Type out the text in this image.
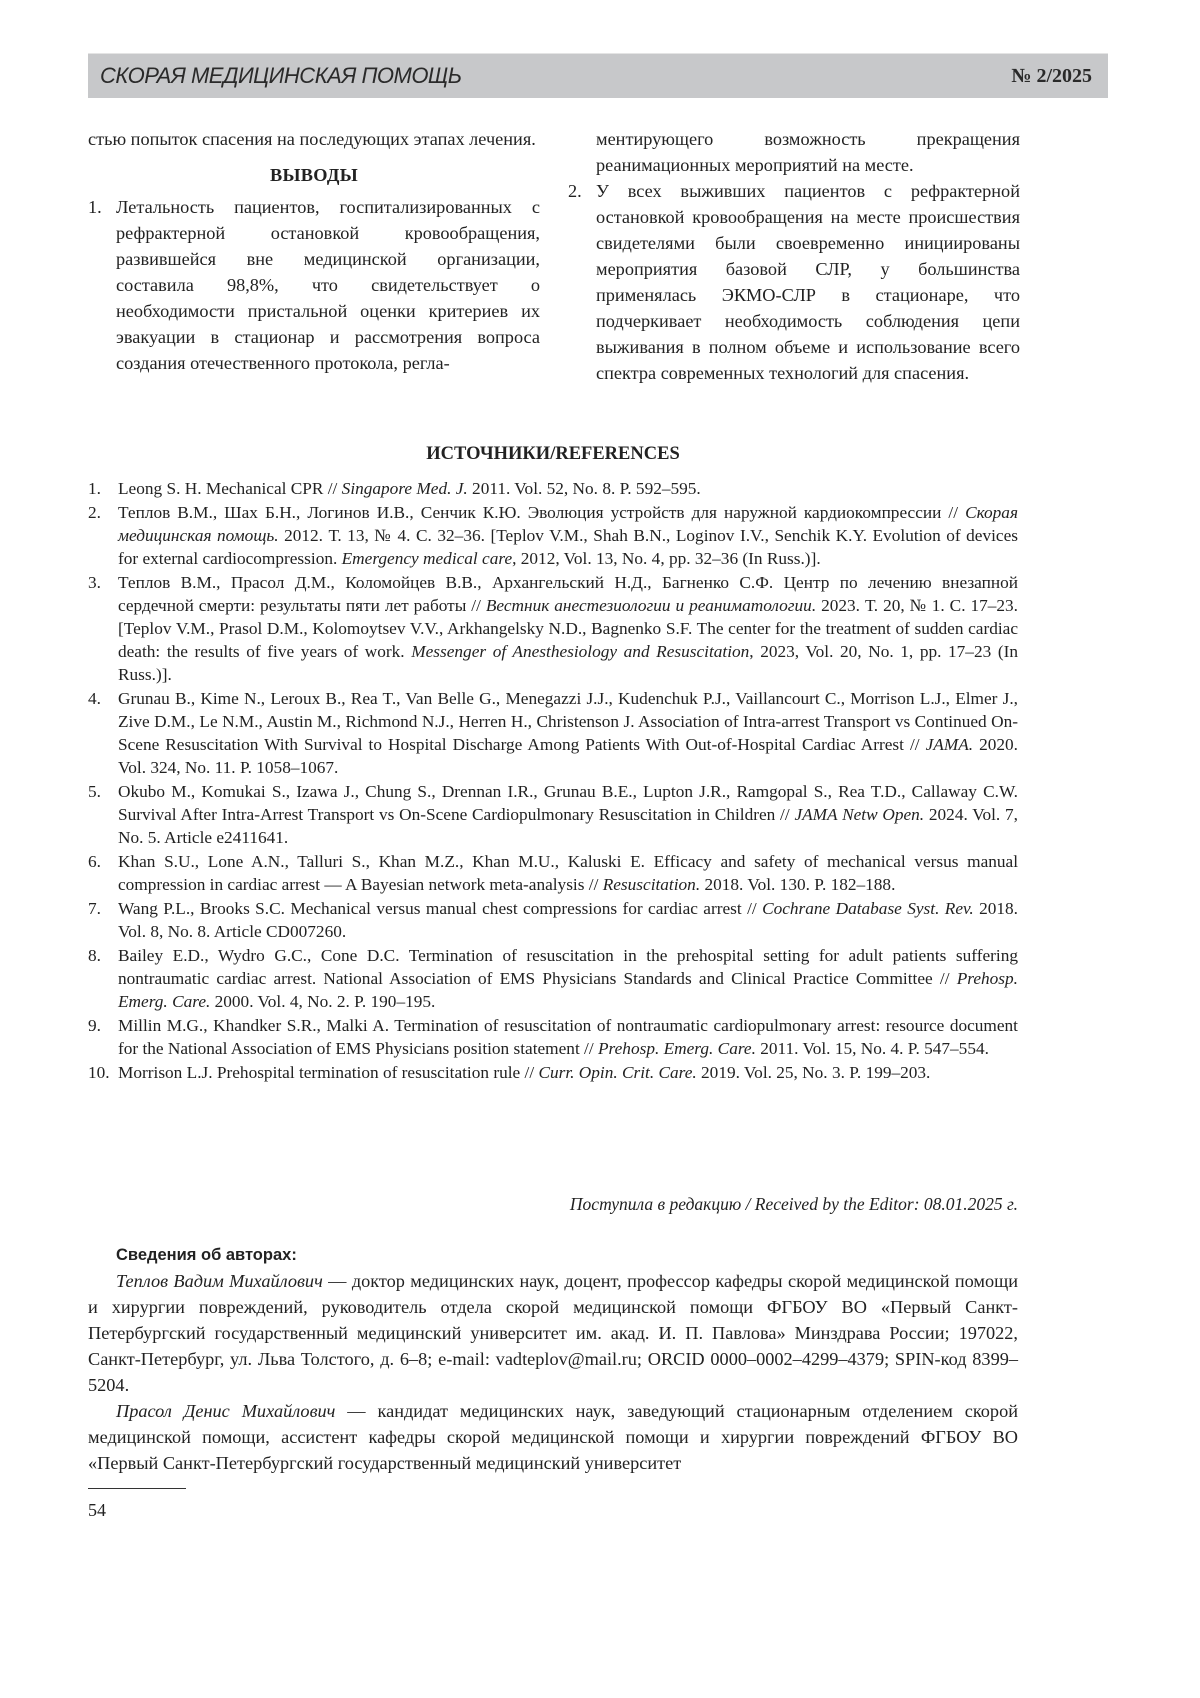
СКОРАЯ МЕДИЦИНСКАЯ ПОМОЩЬ	№ 2/2025

стью попыток спасения на последующих этапах лечения.

ВЫВОДЫ
1. Летальность пациентов, госпитализированных с рефрактерной остановкой кровообращения, развившейся вне медицинской организации, составила 98,8%, что свидетельствует о необходимости пристальной оценки критериев их эвакуации в стационар и рассмотрения вопроса создания отечественного протокола, регла-
ментирующего возможность прекращения реанимационных мероприятий на месте.
2. У всех выживших пациентов с рефрактерной остановкой кровообращения на месте происшествия свидетелями были своевременно инициированы мероприятия базовой СЛР, у большинства применялась ЭКМО-СЛР в стационаре, что подчеркивает необходимость соблюдения цепи выживания в полном объеме и использование всего спектра современных технологий для спасения.
ИСТОЧНИКИ/REFERENCES
1. Leong S. H. Mechanical CPR // Singapore Med. J. 2011. Vol. 52, No. 8. P. 592–595.
2. Теплов В.М., Шах Б.Н., Логинов И.В., Сенчик К.Ю. Эволюция устройств для наружной кардиокомпрессии // Скорая медицинская помощь. 2012. Т. 13, № 4. С. 32–36. [Teplov V.M., Shah B.N., Loginov I.V., Senchik K.Y. Evolution of devices for external cardiocompression. Emergency medical care, 2012, Vol. 13, No. 4, pp. 32–36 (In Russ.)].
3. Теплов В.М., Прасол Д.М., Коломойцев В.В., Архангельский Н.Д., Багненко С.Ф. Центр по лечению внезапной сердечной смерти: результаты пяти лет работы // Вестник анестезиологии и реаниматологии. 2023. Т. 20, № 1. С. 17–23. [Teplov V.M., Prasol D.M., Kolomoytsev V.V., Arkhangelsky N.D., Bagnenko S.F. The center for the treatment of sudden cardiac death: the results of five years of work. Messenger of Anesthesiology and Resuscitation, 2023, Vol. 20, No. 1, pp. 17–23 (In Russ.)].
4. Grunau B., Kime N., Leroux B., Rea T., Van Belle G., Menegazzi J.J., Kudenchuk P.J., Vaillancourt C., Morrison L.J., Elmer J., Zive D.M., Le N.M., Austin M., Richmond N.J., Herren H., Christenson J. Association of Intra-arrest Transport vs Continued On-Scene Resuscitation With Survival to Hospital Discharge Among Patients With Out-of-Hospital Cardiac Arrest // JAMA. 2020. Vol. 324, No. 11. P. 1058–1067.
5. Okubo M., Komukai S., Izawa J., Chung S., Drennan I.R., Grunau B.E., Lupton J.R., Ramgopal S., Rea T.D., Callaway C.W. Survival After Intra-Arrest Transport vs On-Scene Cardiopulmonary Resuscitation in Children // JAMA Netw Open. 2024. Vol. 7, No. 5. Article e2411641.
6. Khan S.U., Lone A.N., Talluri S., Khan M.Z., Khan M.U., Kaluski E. Efficacy and safety of mechanical versus manual compression in cardiac arrest — A Bayesian network meta-analysis // Resuscitation. 2018. Vol. 130. P. 182–188.
7. Wang P.L., Brooks S.C. Mechanical versus manual chest compressions for cardiac arrest // Cochrane Database Syst. Rev. 2018. Vol. 8, No. 8. Article CD007260.
8. Bailey E.D., Wydro G.C., Cone D.C. Termination of resuscitation in the prehospital setting for adult patients suffering nontraumatic cardiac arrest. National Association of EMS Physicians Standards and Clinical Practice Committee // Prehosp. Emerg. Care. 2000. Vol. 4, No. 2. P. 190–195.
9. Millin M.G., Khandker S.R., Malki A. Termination of resuscitation of nontraumatic cardiopulmonary arrest: resource document for the National Association of EMS Physicians position statement // Prehosp. Emerg. Care. 2011. Vol. 15, No. 4. P. 547–554.
10. Morrison L.J. Prehospital termination of resuscitation rule // Curr. Opin. Crit. Care. 2019. Vol. 25, No. 3. P. 199–203.
Поступила в редакцию / Received by the Editor: 08.01.2025 г.
Сведения об авторах:

Теплов Вадим Михайлович — доктор медицинских наук, доцент, профессор кафедры скорой медицинской помощи и хирургии повреждений, руководитель отдела скорой медицинской помощи ФГБОУ ВО «Первый Санкт-Петербургский государственный медицинский университет им. акад. И. П. Павлова» Минздрава России; 197022, Санкт-Петербург, ул. Льва Толстого, д. 6–8; e-mail: vadteplov@mail.ru; ORCID 0000–0002–4299–4379; SPIN-код 8399–5204.

Прасол Денис Михайлович — кандидат медицинских наук, заведующий стационарным отделением скорой медицинской помощи, ассистент кафедры скорой медицинской помощи и хирургии повреждений ФГБОУ ВО «Первый Санкт-Петербургский государственный медицинский университет

54
